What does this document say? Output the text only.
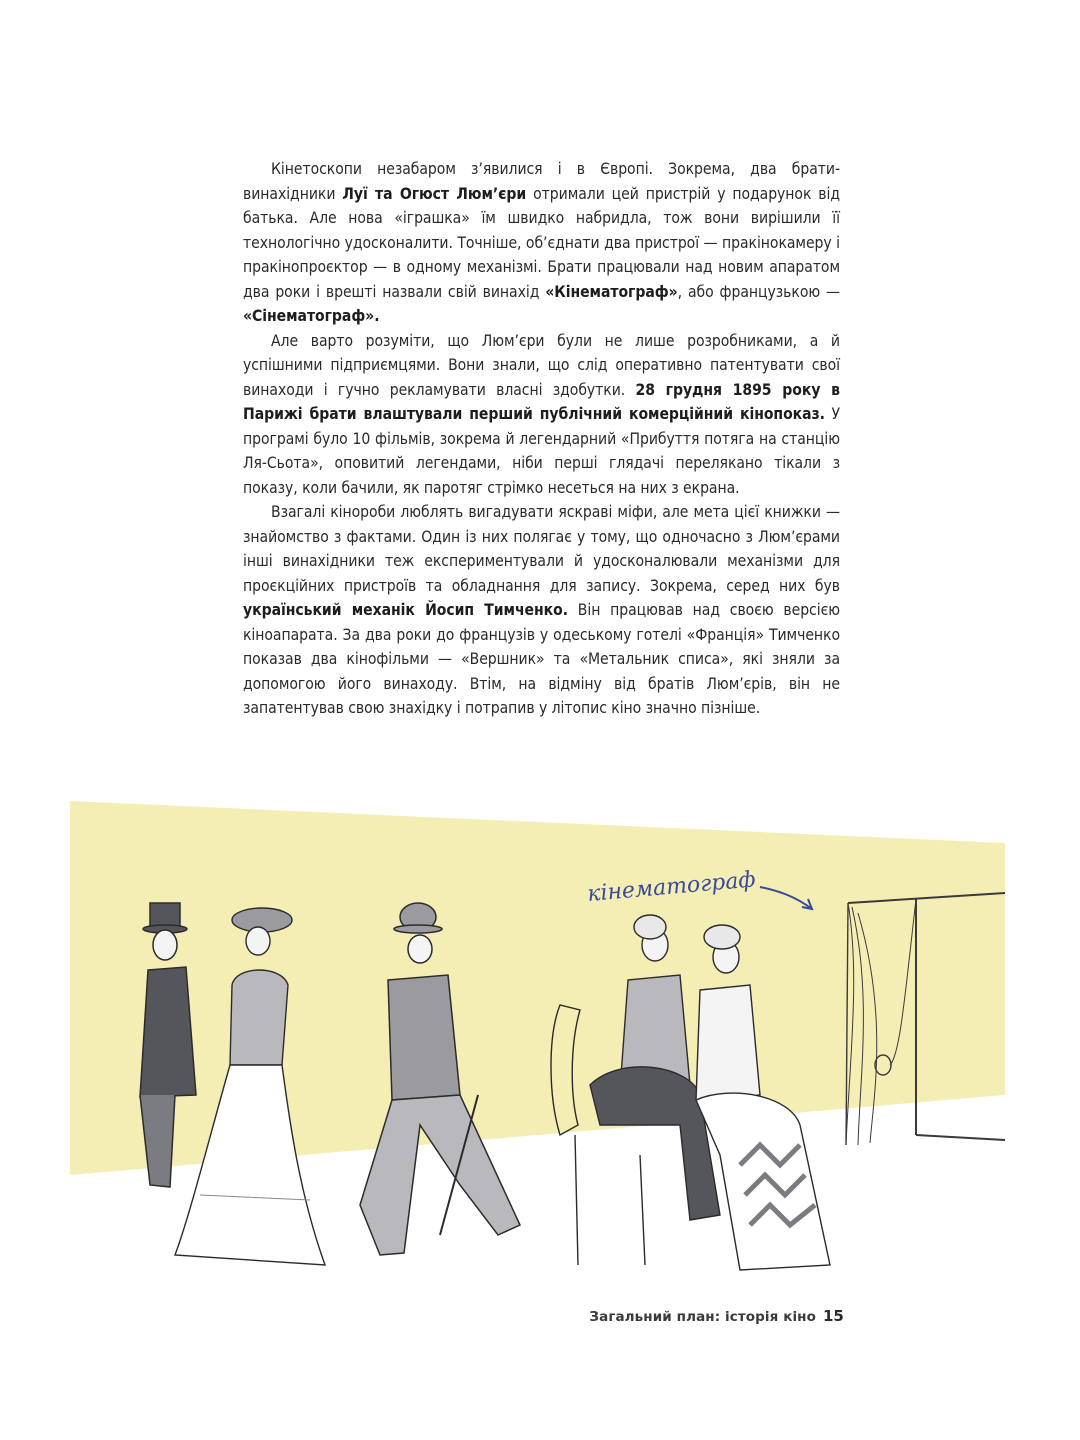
Кінетоскопи незабаром з’явилися і в Європі. Зокрема, два брати-винахідники Луї та Огюст Люм’єри отримали цей пристрій у подарунок від батька. Але нова «іграшка» їм швидко набридла, тож вони вирішили її технологічно удосконалити. Точніше, об’єднати два пристрої — пракінокамеру і пракінопроєктор — в одному механізмі. Брати працювали над новим апаратом два роки і врешті назвали свій винахід «Кінематограф», або французькою — «Сінематограф».

Але варто розуміти, що Люм’єри були не лише розробниками, а й успішними підприємцями. Вони знали, що слід оперативно патентувати свої винаходи і гучно рекламувати власні здобутки. 28 грудня 1895 року в Парижі брати влаштували перший публічний комерційний кінопоказ. У програмі було 10 фільмів, зокрема й легендарний «Прибуття потяга на станцію Ля-Сьота», оповитий легендами, ніби перші глядачі перелякано тікали з показу, коли бачили, як паротяг стрімко несеться на них з екрана.

Взагалі кінороби люблять вигадувати яскраві міфи, але мета цієї книжки — знайомство з фактами. Один із них полягає у тому, що одночасно з Люм’єрами інші винахідники теж експериментували й удосконалювали механізми для проєкційних пристроїв та обладнання для запису. Зокрема, серед них був український механік Йосип Тимченко. Він працював над своєю версією кіноапарата. За два роки до французів у одеському готелі «Франція» Тимченко показав два кінофільми — «Вершник» та «Метальник списа», які зняли за допомогою його винаходу. Втім, на відміну від братів Люм’єрів, він не запатентував свою знахідку і потрапив у літопис кіно значно пізніше.

кінематограф
Загальний план: історія кіно 15
